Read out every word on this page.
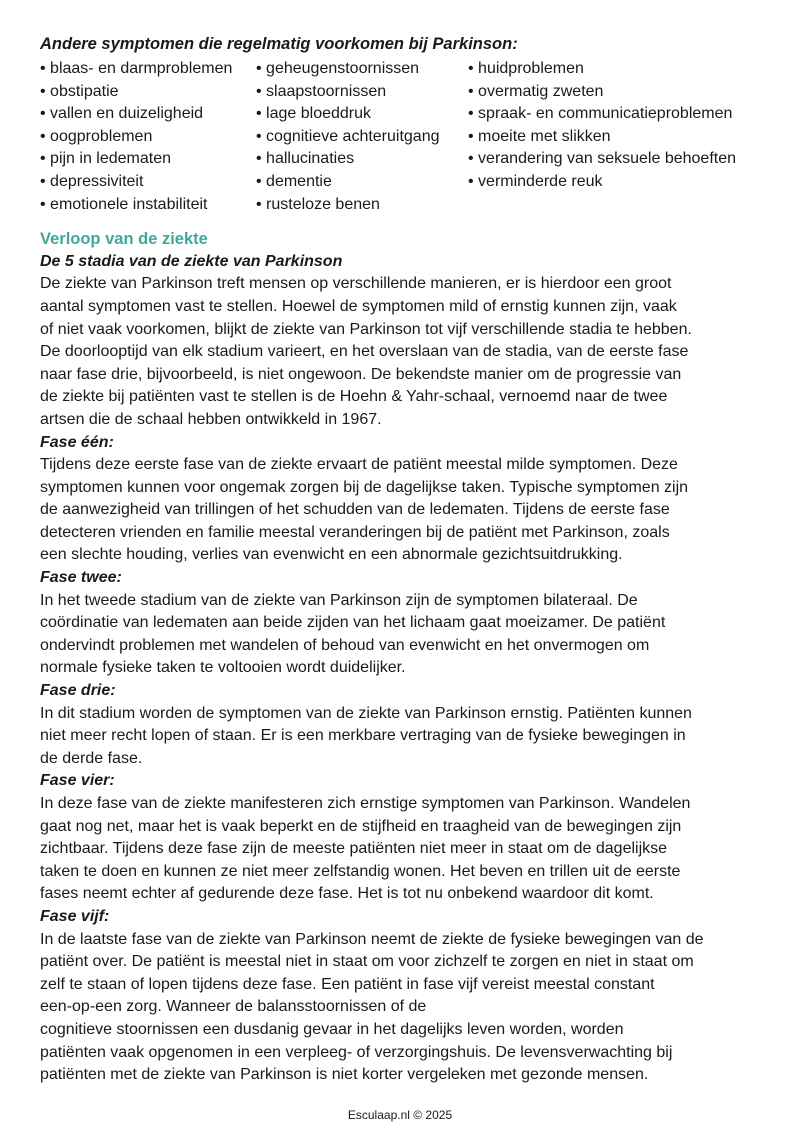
Andere symptomen die regelmatig voorkomen bij Parkinson:
• blaas- en darmproblemen
• obstipatie
• vallen en duizeligheid
• oogproblemen
• pijn in ledematen
• depressiviteit
• emotionele instabiliteit
• geheugenstoornissen
• slaapstoornissen
• lage bloeddruk
• cognitieve achteruitgang
• hallucinaties
• dementie
• rusteloze benen
• huidproblemen
• overmatig zweten
• spraak- en communicatieproblemen
• moeite met slikken
• verandering van seksuele behoeften
• verminderde reuk
Verloop van de ziekte
De 5 stadia van de ziekte van Parkinson

De ziekte van Parkinson treft mensen op verschillende manieren, er is hierdoor een groot
aantal symptomen vast te stellen. Hoewel de symptomen mild of ernstig kunnen zijn, vaak
of niet vaak voorkomen, blijkt de ziekte van Parkinson tot vijf verschillende stadia te hebben.
De doorlooptijd van elk stadium varieert, en het overslaan van de stadia, van de eerste fase
naar fase drie, bijvoorbeeld, is niet ongewoon. De bekendste manier om de progressie van
de ziekte bij patiënten vast te stellen is de Hoehn & Yahr-schaal, vernoemd naar de twee
artsen die de schaal hebben ontwikkeld in 1967.

Fase één:

Tijdens deze eerste fase van de ziekte ervaart de patiënt meestal milde symptomen. Deze
symptomen kunnen voor ongemak zorgen bij de dagelijkse taken. Typische symptomen zijn
de aanwezigheid van trillingen of het schudden van de ledematen. Tijdens de eerste fase
detecteren vrienden en familie meestal veranderingen bij de patiënt met Parkinson, zoals
een slechte houding, verlies van evenwicht en een abnormale gezichtsuitdrukking.

Fase twee:

In het tweede stadium van de ziekte van Parkinson zijn de symptomen bilateraal. De
coördinatie van ledematen aan beide zijden van het lichaam gaat moeizamer. De patiënt
ondervindt problemen met wandelen of behoud van evenwicht en het onvermogen om
normale fysieke taken te voltooien wordt duidelijker.

Fase drie:

In dit stadium worden de symptomen van de ziekte van Parkinson ernstig. Patiënten kunnen
niet meer recht lopen of staan. Er is een merkbare vertraging van de fysieke bewegingen in
de derde fase.

Fase vier:

In deze fase van de ziekte manifesteren zich ernstige symptomen van Parkinson. Wandelen
gaat nog net, maar het is vaak beperkt en de stijfheid en traagheid van de bewegingen zijn
zichtbaar. Tijdens deze fase zijn de meeste patiënten niet meer in staat om de dagelijkse
taken te doen en kunnen ze niet meer zelfstandig wonen. Het beven en trillen uit de eerste
fases neemt echter af gedurende deze fase. Het is tot nu onbekend waardoor dit komt.

Fase vijf:

In de laatste fase van de ziekte van Parkinson neemt de ziekte de fysieke bewegingen van de
patiënt over. De patiënt is meestal niet in staat om voor zichzelf te zorgen en niet in staat om
zelf te staan of lopen tijdens deze fase. Een patiënt in fase vijf vereist meestal constant
een-op-een zorg. Wanneer de balansstoornissen of de
cognitieve stoornissen een dusdanig gevaar in het dagelijks leven worden, worden
patiënten vaak opgenomen in een verpleeg- of verzorgingshuis. De levensverwachting bij
patiënten met de ziekte van Parkinson is niet korter vergeleken met gezonde mensen.

Esculaap.nl © 2025
